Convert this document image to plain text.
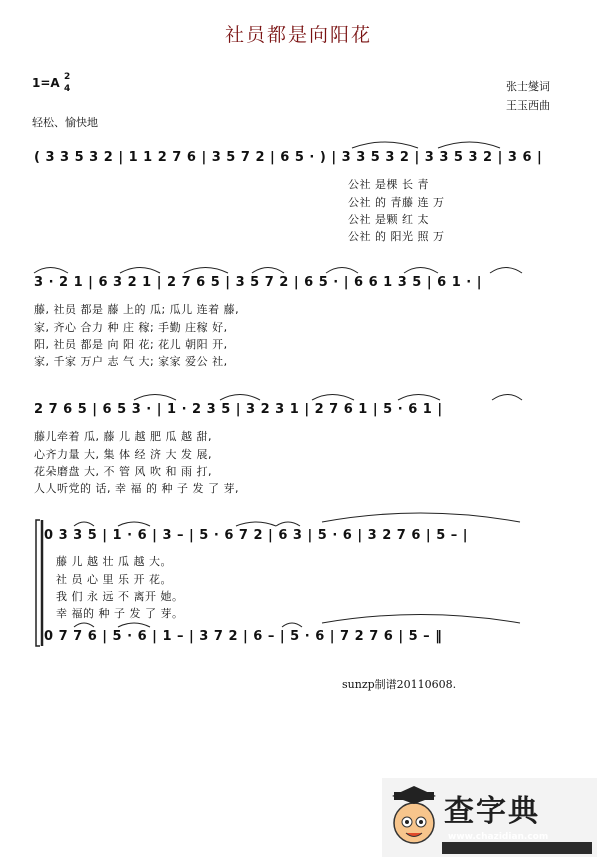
社员都是向阳花
1=A 2
4
轻松、愉快地
张士燮词
王玉西曲
( 3 3 5 3 2 | 1 1 2 7 6 | 3 5 7 2 | 6 5 · ) | 3 3 5 3 2 | 3 3 5 3 2 | 3 6 |
公社 是棵 长 青
公社 的 青藤 连 万
公社 是颗 红 太
公社 的 阳光 照 万
3 · 2 1 | 6 3 2 1 | 2 7 6 5 | 3 5 7 2 | 6 5 · | 6 6 1 3 5 | 6 1 · |
藤, 社员 都是 藤 上的 瓜; 瓜儿 连着 藤,
家, 齐心 合力 种 庄 稼; 手勤 庄稼 好,
阳, 社员 都是 向 阳 花; 花儿 朝阳 开,
家, 千家 万户 志 气 大; 家家 爱公 社,
2 7 6 5 | 6 5 3 · | 1 · 2 3 5 | 3 2 3 1 | 2 7 6 1 | 5 · 6 1 |
藤儿牵着 瓜, 藤 儿 越 肥 瓜 越 甜,
心齐力量 大, 集 体 经 济 大 发 展,
花朵磨盘 大, 不 管 风 吹 和 雨 打,
人人听党的 话, 幸 福 的 种 子 发 了 芽,
0 3 3 5 | 1 · 6 | 3 – | 5 · 6 7 2 | 6 3 | 5 · 6 | 3 2 7 6 | 5 – |
藤 儿 越 壮 瓜 越 大。
社 员 心 里 乐 开 花。
我 们 永 远 不 离开 她。
幸 福的 种 子 发 了 芽。
0 7 7 6 | 5 · 6 | 1 – | 3 7 2 | 6 – | 5 · 6 | 7 2 7 6 | 5 – ‖
sunzp制谱20110608.
查字典
www.chazidian.com
